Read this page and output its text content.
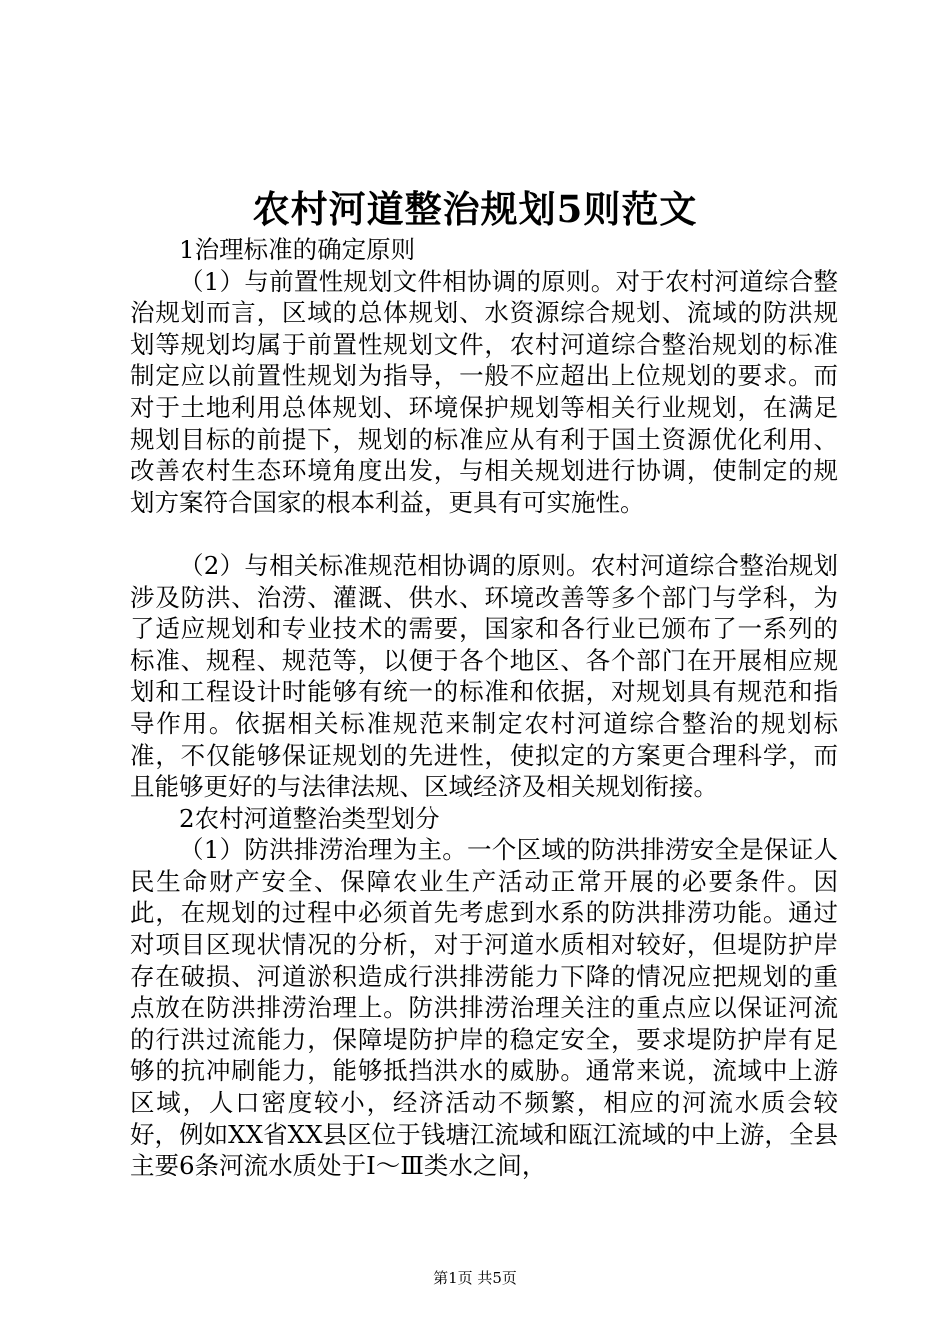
农村河道整治规划5则范文

1治理标准的确定原则

（1）与前置性规划文件相协调的原则。对于农村河道综合整治规划而言，区域的总体规划、水资源综合规划、流域的防洪规划等规划均属于前置性规划文件，农村河道综合整治规划的标准制定应以前置性规划为指导，一般不应超出上位规划的要求。而对于土地利用总体规划、环境保护规划等相关行业规划，在满足规划目标的前提下，规划的标准应从有利于国土资源优化利用、改善农村生态环境角度出发，与相关规划进行协调，使制定的规划方案符合国家的根本利益，更具有可实施性。

（2）与相关标准规范相协调的原则。农村河道综合整治规划涉及防洪、治涝、灌溉、供水、环境改善等多个部门与学科，为了适应规划和专业技术的需要，国家和各行业已颁布了一系列的标准、规程、规范等，以便于各个地区、各个部门在开展相应规划和工程设计时能够有统一的标准和依据，对规划具有规范和指导作用。依据相关标准规范来制定农村河道综合整治的规划标准，不仅能够保证规划的先进性，使拟定的方案更合理科学，而且能够更好的与法律法规、区域经济及相关规划衔接。

2农村河道整治类型划分

（1）防洪排涝治理为主。一个区域的防洪排涝安全是保证人民生命财产安全、保障农业生产活动正常开展的必要条件。因此，在规划的过程中必须首先考虑到水系的防洪排涝功能。通过对项目区现状情况的分析，对于河道水质相对较好，但堤防护岸存在破损、河道淤积造成行洪排涝能力下降的情况应把规划的重点放在防洪排涝治理上。防洪排涝治理关注的重点应以保证河流的行洪过流能力，保障堤防护岸的稳定安全，要求堤防护岸有足够的抗冲刷能力，能够抵挡洪水的威胁。通常来说，流域中上游区域，人口密度较小，经济活动不频繁，相应的河流水质会较好，例如XX省XX县区位于钱塘江流域和瓯江流域的中上游，全县主要6条河流水质处于Ⅰ～Ⅲ类水之间，

第1页 共5页
